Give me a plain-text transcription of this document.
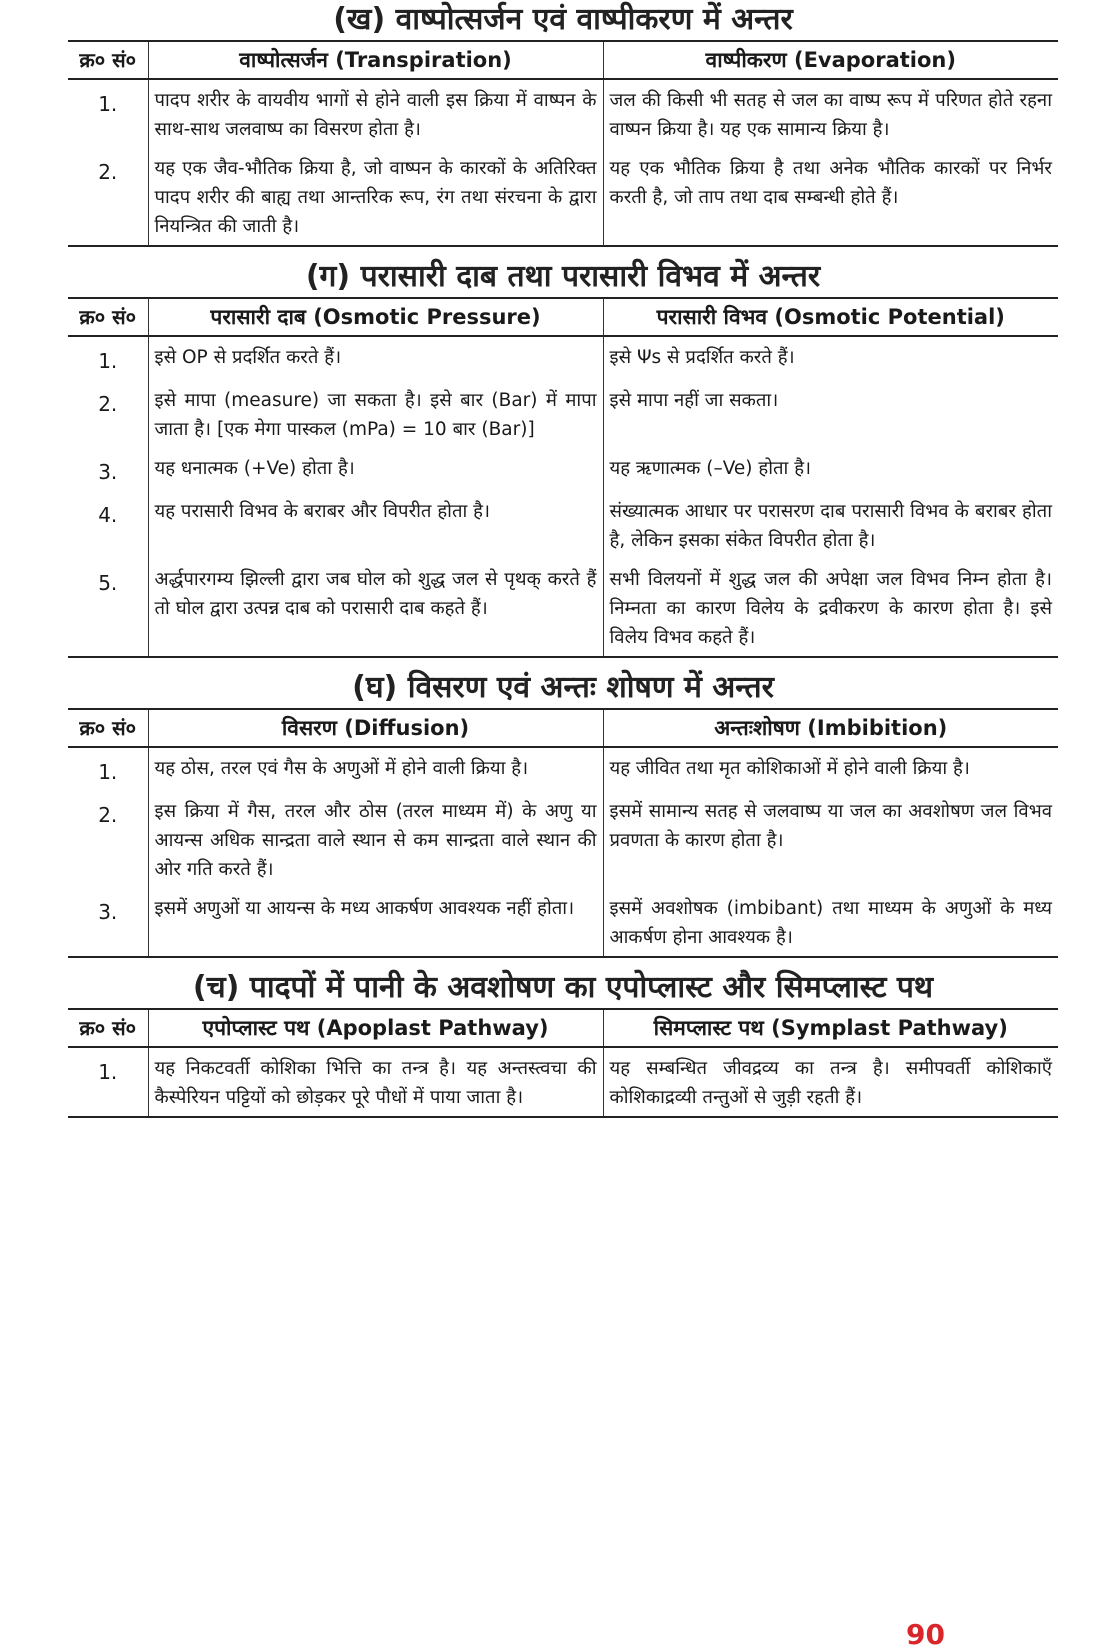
(ख) वाष्पोत्सर्जन एवं वाष्पीकरण में अन्तर
क्र० सं०	वाष्पोत्सर्जन (Transpiration)	वाष्पीकरण (Evaporation)
1.	पादप शरीर के वायवीय भागों से होने वाली इस क्रिया में वाष्पन के साथ-साथ जलवाष्प का विसरण होता है।	जल की किसी भी सतह से जल का वाष्प रूप में परिणत होते रहना वाष्पन क्रिया है। यह एक सामान्य क्रिया है।
2.	यह एक जैव-भौतिक क्रिया है, जो वाष्पन के कारकों के अतिरिक्त पादप शरीर की बाह्य तथा आन्तरिक रूप, रंग तथा संरचना के द्वारा नियन्त्रित की जाती है।	यह एक भौतिक क्रिया है तथा अनेक भौतिक कारकों पर निर्भर करती है, जो ताप तथा दाब सम्बन्धी होते हैं।
(ग) परासारी दाब तथा परासारी विभव में अन्तर
क्र० सं०	परासारी दाब (Osmotic Pressure)	परासारी विभव (Osmotic Potential)
1.	इसे OP से प्रदर्शित करते हैं।	इसे Ψs से प्रदर्शित करते हैं।
2.	इसे मापा (measure) जा सकता है। इसे बार (Bar) में मापा जाता है। [एक मेगा पास्कल (mPa) = 10 बार (Bar)]	इसे मापा नहीं जा सकता।
3.	यह धनात्मक (+Ve) होता है।	यह ऋणात्मक (–Ve) होता है।
4.	यह परासारी विभव के बराबर और विपरीत होता है।	संख्यात्मक आधार पर परासरण दाब परासारी विभव के बराबर होता है, लेकिन इसका संकेत विपरीत होता है।
5.	अर्द्धपारगम्य झिल्ली द्वारा जब घोल को शुद्ध जल से पृथक् करते हैं तो घोल द्वारा उत्पन्न दाब को परासारी दाब कहते हैं।	सभी विलयनों में शुद्ध जल की अपेक्षा जल विभव निम्न होता है। निम्नता का कारण विलेय के द्रवीकरण के कारण होता है। इसे विलेय विभव कहते हैं।
(घ) विसरण एवं अन्तः शोषण में अन्तर
क्र० सं०	विसरण (Diffusion)	अन्तःशोषण (Imbibition)
1.	यह ठोस, तरल एवं गैस के अणुओं में होने वाली क्रिया है।	यह जीवित तथा मृत कोशिकाओं में होने वाली क्रिया है।
2.	इस क्रिया में गैस, तरल और ठोस (तरल माध्यम में) के अणु या आयन्स अधिक सान्द्रता वाले स्थान से कम सान्द्रता वाले स्थान की ओर गति करते हैं।	इसमें सामान्य सतह से जलवाष्प या जल का अवशोषण जल विभव प्रवणता के कारण होता है।
3.	इसमें अणुओं या आयन्स के मध्य आकर्षण आवश्यक नहीं होता।	इसमें अवशोषक (imbibant) तथा माध्यम के अणुओं के मध्य आकर्षण होना आवश्यक है।
(च) पादपों में पानी के अवशोषण का एपोप्लास्ट और सिमप्लास्ट पथ
क्र० सं०	एपोप्लास्ट पथ (Apoplast Pathway)	सिमप्लास्ट पथ (Symplast Pathway)
1.	यह निकटवर्ती कोशिका भित्ति का तन्त्र है। यह अन्तस्त्वचा की कैस्पेरियन पट्टियों को छोड़कर पूरे पौधों में पाया जाता है।	यह सम्बन्धित जीवद्रव्य का तन्त्र है। समीपवर्ती कोशिकाएँ कोशिकाद्रव्यी तन्तुओं से जुड़ी रहती हैं।
90
